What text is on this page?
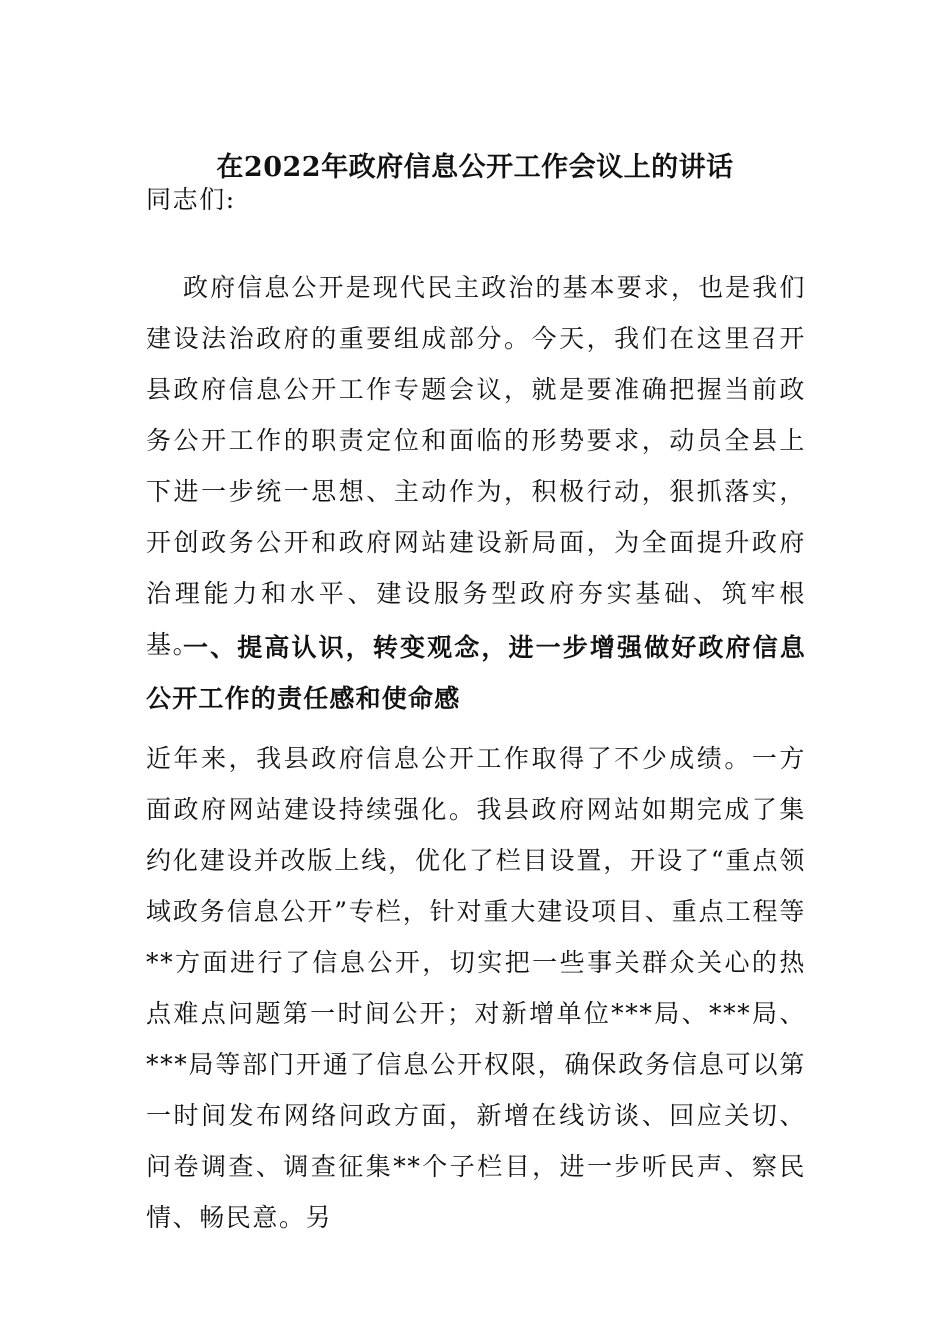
在2022年政府信息公开工作会议上的讲话

同志们:

政府信息公开是现代民主政治的基本要求，也是我们建设法治政府的重要组成部分。今天，我们在这里召开县政府信息公开工作专题会议，就是要准确把握当前政务公开工作的职责定位和面临的形势要求，动员全县上下进一步统一思想、主动作为，积极行动，狠抓落实，开创政务公开和政府网站建设新局面，为全面提升政府治理能力和水平、建设服务型政府夯实基础、筑牢根基。

一、提高认识，转变观念，进一步增强做好政府信息公开工作的责任感和使命感

近年来，我县政府信息公开工作取得了不少成绩。一方面政府网站建设持续强化。我县政府网站如期完成了集约化建设并改版上线，优化了栏目设置，开设了“重点领域政务信息公开”专栏，针对重大建设项目、重点工程等**方面进行了信息公开，切实把一些事关群众关心的热点难点问题第一时间公开；对新增单位***局、***局、***局等部门开通了信息公开权限，确保政务信息可以第一时间发布网络问政方面，新增在线访谈、回应关切、问卷调查、调查征集**个子栏目，进一步听民声、察民情、畅民意。另
